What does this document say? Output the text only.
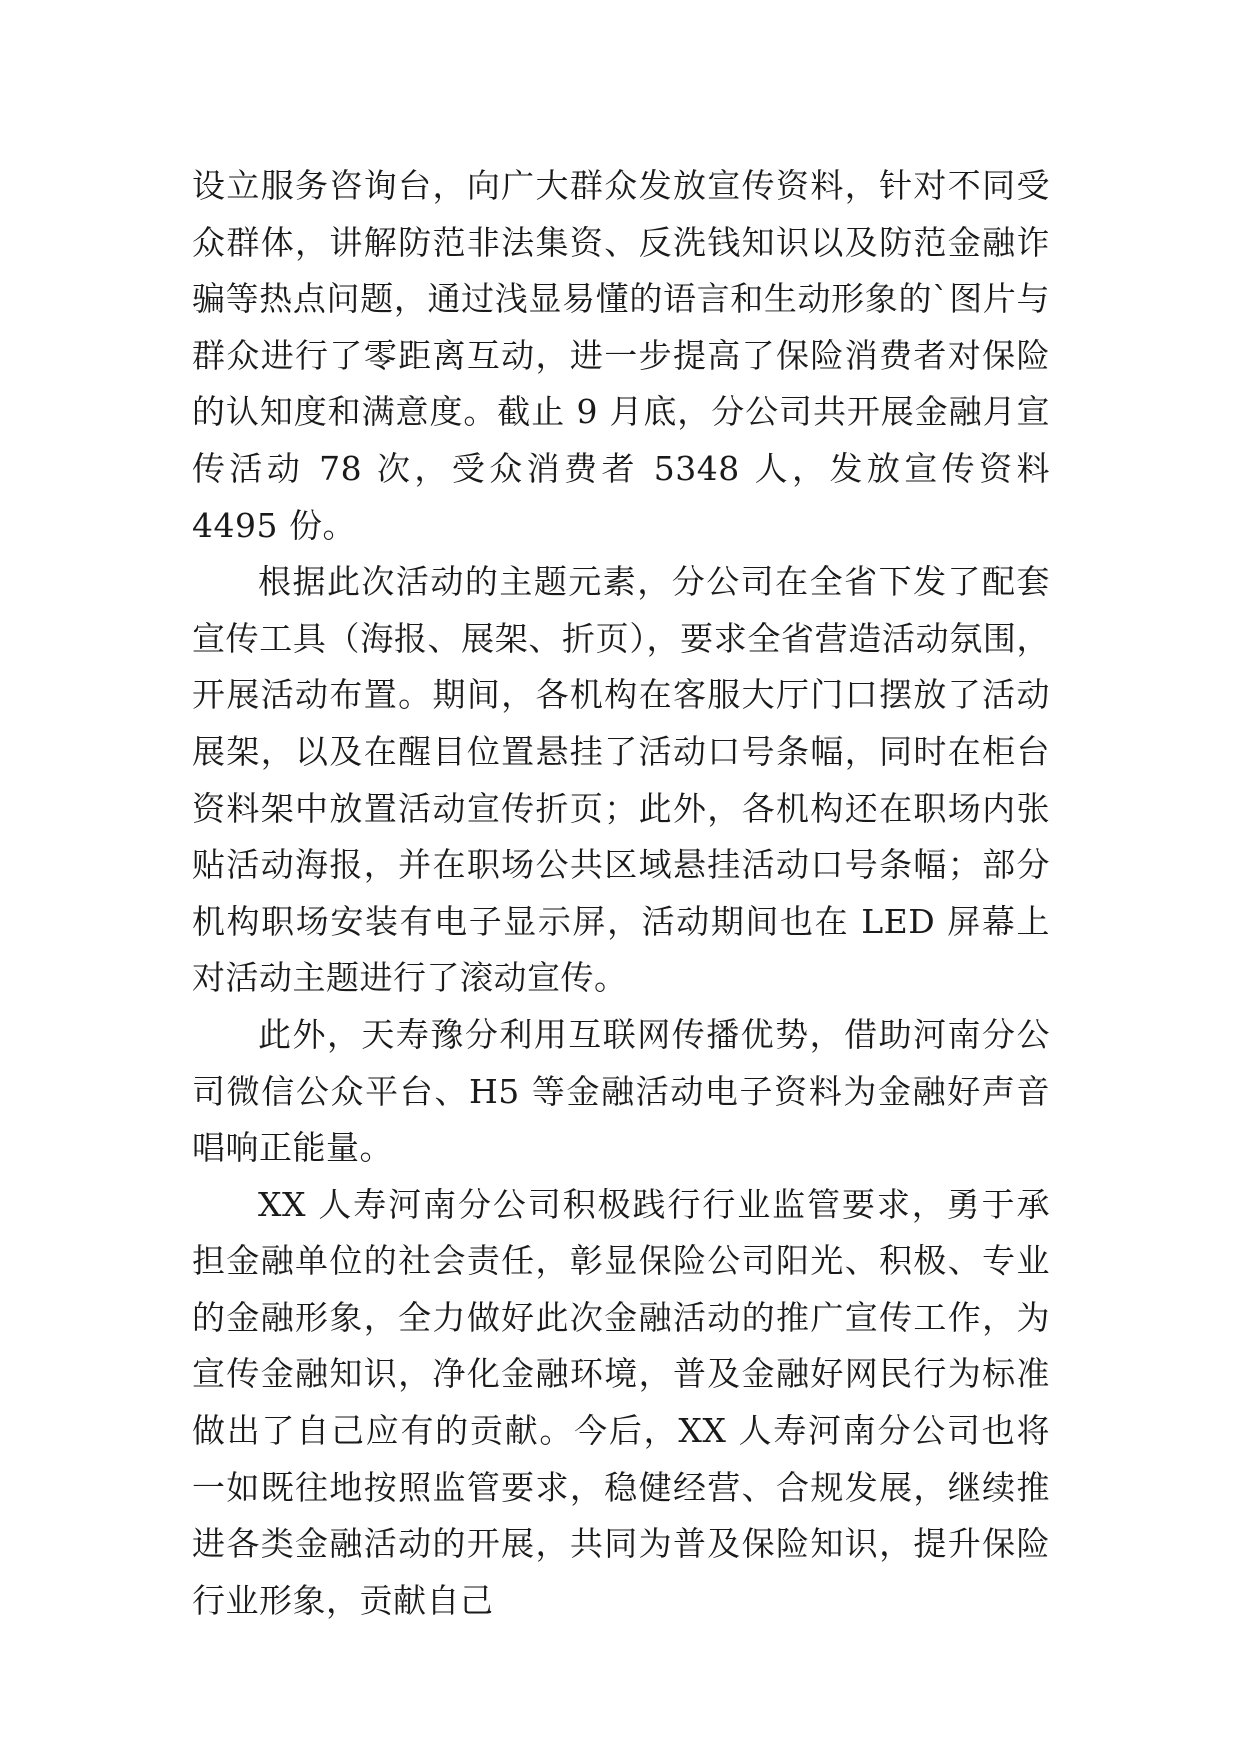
设立服务咨询台，向广大群众发放宣传资料，针对不同受众群体，讲解防范非法集资、反洗钱知识以及防范金融诈骗等热点问题，通过浅显易懂的语言和生动形象的`图片与群众进行了零距离互动，进一步提高了保险消费者对保险的认知度和满意度。截止 9 月底，分公司共开展金融月宣传活动 78 次，受众消费者 5348 人，发放宣传资料 4495 份。

根据此次活动的主题元素，分公司在全省下发了配套宣传工具（海报、展架、折页），要求全省营造活动氛围，开展活动布置。期间，各机构在客服大厅门口摆放了活动展架，以及在醒目位置悬挂了活动口号条幅，同时在柜台资料架中放置活动宣传折页；此外，各机构还在职场内张贴活动海报，并在职场公共区域悬挂活动口号条幅；部分机构职场安装有电子显示屏，活动期间也在 LED 屏幕上对活动主题进行了滚动宣传。

此外，天寿豫分利用互联网传播优势，借助河南分公司微信公众平台、H5 等金融活动电子资料为金融好声音唱响正能量。

XX 人寿河南分公司积极践行行业监管要求，勇于承担金融单位的社会责任，彰显保险公司阳光、积极、专业的金融形象，全力做好此次金融活动的推广宣传工作，为宣传金融知识，净化金融环境，普及金融好网民行为标准做出了自己应有的贡献。今后，XX 人寿河南分公司也将一如既往地按照监管要求，稳健经营、合规发展，继续推进各类金融活动的开展，共同为普及保险知识，提升保险行业形象，贡献自己
